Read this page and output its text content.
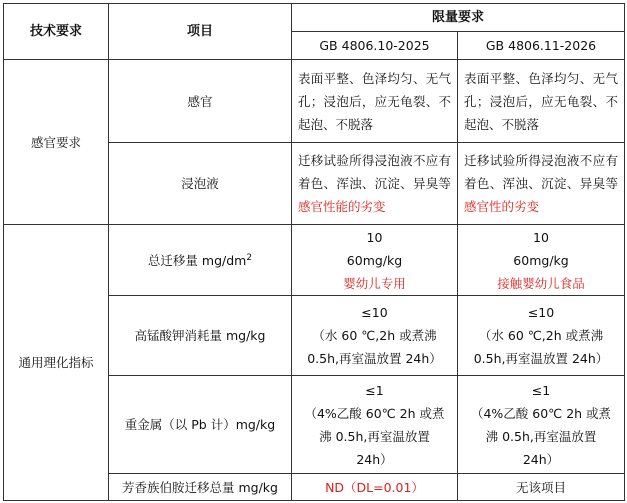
技术要求	项目	限量要求	
		GB 4806.10-2025	GB 4806.11-2026
感官要求	感官	表面平整、色泽均匀、无气孔；浸泡后，应无龟裂、不起泡、不脱落	表面平整、色泽均匀、无气孔；浸泡后，应无龟裂、不起泡、不脱落
	浸泡液	迁移试验所得浸泡液不应有着色、浑浊、沉淀、异臭等感官性能的劣变	迁移试验所得浸泡液不应有着色、浑浊、沉淀、异臭等感官性的劣变
通用理化指标	总迁移量 $mg/dm^2$	10
60mg/kg
婴幼儿专用	10
60mg/kg
接触婴幼儿食品

	高锰酸钾消耗量 mg/kg	≤10
（水 60 ℃,2h 或煮沸
0.5h,再室温放置 24h）	≤10
（水 60 ℃,2h 或煮沸
0.5h,再室温放置 24h）

	重金属（以 Pb 计）mg/kg	≤1
（4%乙酸 60℃ 2h 或煮
沸 0.5h,再室温放置
24h）	≤1
（4%乙酸 60℃ 2h 或煮
沸 0.5h,再室温放置
24h）

	芳香族伯胺迁移总量 mg/kg	ND（DL=0.01）	无该项目
